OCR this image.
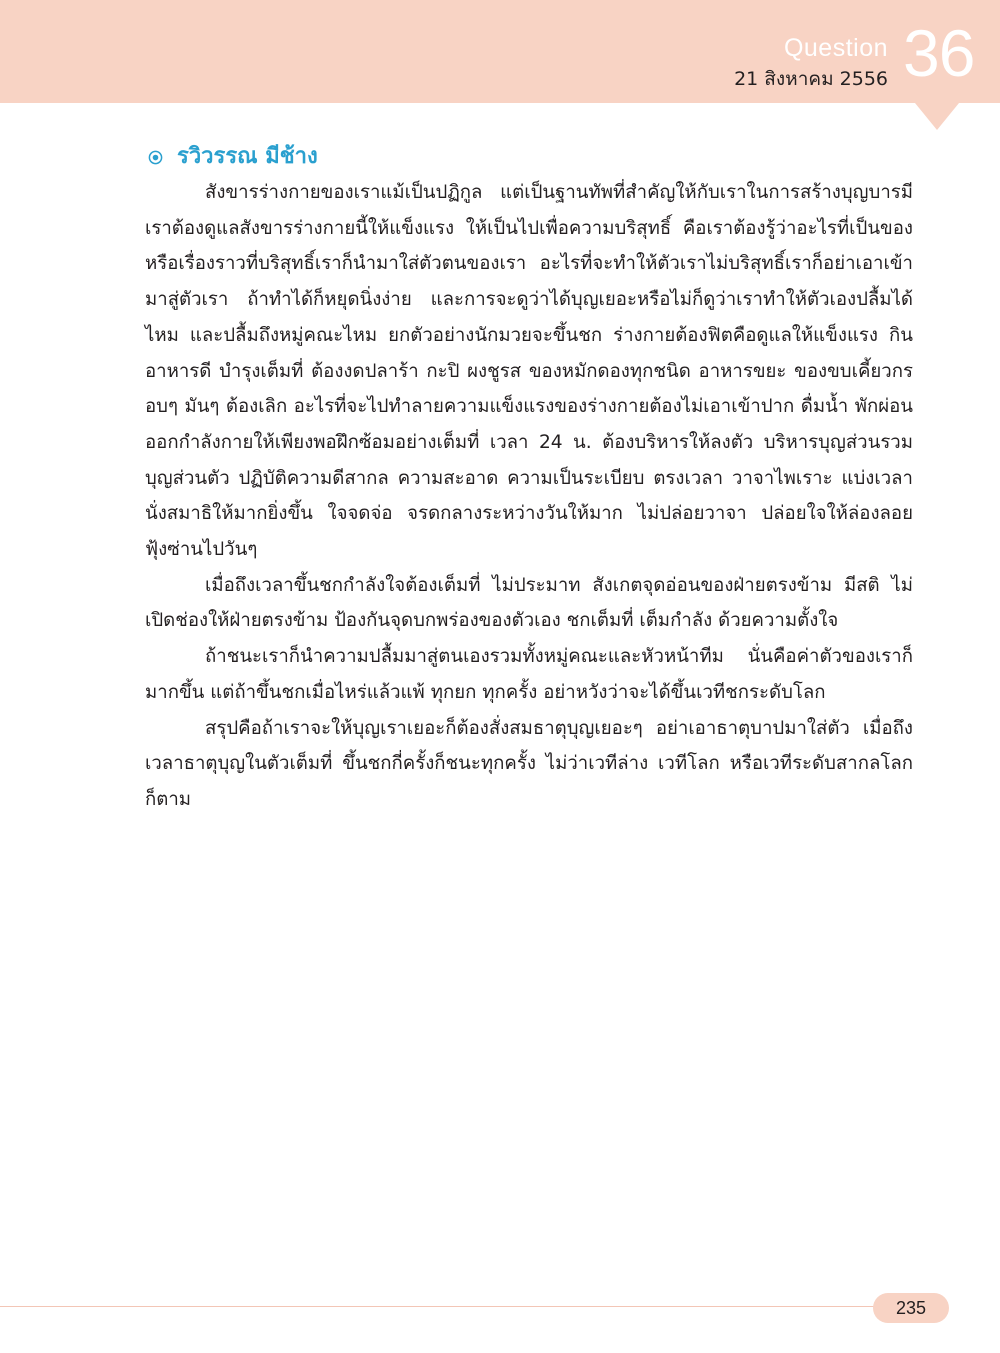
Question
21 สิงหาคม 2556 36
รวิวรรณ มีช้าง

สังขารร่างกายของเราแม้เป็นปฏิกูล แต่เป็นฐานทัพที่สำคัญให้กับเราในการสร้างบุญบารมี เราต้องดูแลสังขารร่างกายนี้ให้แข็งแรง ให้เป็นไปเพื่อความบริสุทธิ์ คือเราต้องรู้ว่าอะไรที่เป็นของหรือเรื่องราวที่บริสุทธิ์เราก็นำมาใส่ตัวตนของเรา อะไรที่จะทำให้ตัวเราไม่บริสุทธิ์เราก็อย่าเอาเข้ามาสู่ตัวเรา ถ้าทำได้ก็หยุดนิ่งง่าย และการจะดูว่าได้บุญเยอะหรือไม่ก็ดูว่าเราทำให้ตัวเองปลื้มได้ไหม และปลื้มถึงหมู่คณะไหม ยกตัวอย่างนักมวยจะขึ้นชก ร่างกายต้องฟิตคือดูแลให้แข็งแรง กินอาหารดี บำรุงเต็มที่ ต้องงดปลาร้า กะปิ ผงชูรส ของหมักดองทุกชนิด อาหารขยะ ของขบเคี้ยวกรอบๆ มันๆ ต้องเลิก อะไรที่จะไปทำลายความแข็งแรงของร่างกายต้องไม่เอาเข้าปาก ดื่มน้ำ พักผ่อน ออกกำลังกายให้เพียงพอฝึกซ้อมอย่างเต็มที่ เวลา 24 น. ต้องบริหารให้ลงตัว บริหารบุญส่วนรวม บุญส่วนตัว ปฏิบัติความดีสากล ความสะอาด ความเป็นระเบียบ ตรงเวลา วาจาไพเราะ แบ่งเวลานั่งสมาธิให้มากยิ่งขึ้น ใจจดจ่อ จรดกลางระหว่างวันให้มาก ไม่ปล่อยวาจา ปล่อยใจให้ล่องลอย ฟุ้งซ่านไปวันๆ

เมื่อถึงเวลาขึ้นชกกำลังใจต้องเต็มที่ ไม่ประมาท สังเกตจุดอ่อนของฝ่ายตรงข้าม มีสติ ไม่เปิดช่องให้ฝ่ายตรงข้าม ป้องกันจุดบกพร่องของตัวเอง ชกเต็มที่ เต็มกำลัง ด้วยความตั้งใจ

ถ้าชนะเราก็นำความปลื้มมาสู่ตนเองรวมทั้งหมู่คณะและหัวหน้าทีม นั่นคือค่าตัวของเราก็มากขึ้น แต่ถ้าขึ้นชกเมื่อไหร่แล้วแพ้ ทุกยก ทุกครั้ง อย่าหวังว่าจะได้ขึ้นเวทีชกระดับโลก

สรุปคือถ้าเราจะให้บุญเราเยอะก็ต้องสั่งสมธาตุบุญเยอะๆ อย่าเอาธาตุบาปมาใส่ตัว เมื่อถึงเวลาธาตุบุญในตัวเต็มที่ ขึ้นชกกี่ครั้งก็ชนะทุกครั้ง ไม่ว่าเวทีล่าง เวทีโลก หรือเวทีระดับสากลโลกก็ตาม

235
